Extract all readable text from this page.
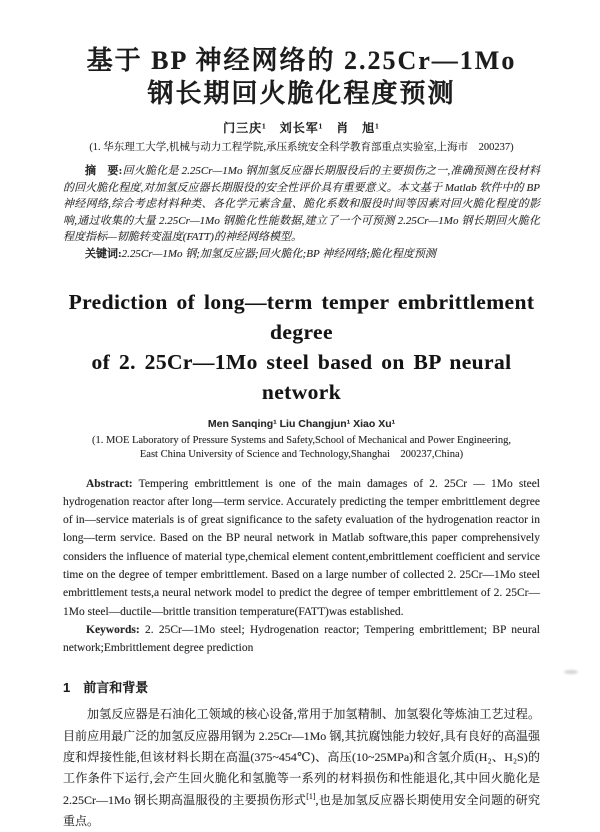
基于 BP 神经网络的 2.25Cr—1Mo
钢长期回火脆化程度预测

门三庆¹　刘长军¹　肖　旭¹

(1. 华东理工大学,机械与动力工程学院,承压系统安全科学教育部重点实验室,上海市　200237)

摘　要:回火脆化是 2.25Cr—1Mo 钢加氢反应器长期服役后的主要损伤之一,准确预测在役材料的回火脆化程度,对加氢反应器长期服役的安全性评价具有重要意义。本文基于 Matlab 软件中的 BP 神经网络,综合考虑材料种类、各化学元素含量、脆化系数和服役时间等因素对回火脆化程度的影响,通过收集的大量 2.25Cr—1Mo 钢脆化性能数据,建立了一个可预测 2.25Cr—1Mo 钢长期回火脆化程度指标—韧脆转变温度(FATT)的神经网络模型。

关键词:2.25Cr—1Mo 钢;加氢反应器;回火脆化;BP 神经网络;脆化程度预测

Prediction of long—term temper embrittlement degree
of 2. 25Cr—1Mo steel based on BP neural network

Men Sanqing¹ Liu Changjun¹ Xiao Xu¹

(1. MOE Laboratory of Pressure Systems and Safety,School of Mechanical and Power Engineering,
East China University of Science and Technology,Shanghai　200237,China)

Abstract: Tempering embrittlement is one of the main damages of 2. 25Cr — 1Mo steel hydrogenation reactor after long—term service. Accurately predicting the temper embrittlement degree of in—service materials is of great significance to the safety evaluation of the hydrogenation reactor in long—term service. Based on the BP neural network in Matlab software,this paper comprehensively considers the influence of material type,chemical element content,embrittlement coefficient and service time on the degree of temper embrittlement. Based on a large number of collected 2. 25Cr—1Mo steel embrittlement tests,a neural network model to predict the degree of temper embrittlement of 2. 25Cr—1Mo steel—ductile—brittle transition temperature(FATT)was established.

Keywords: 2. 25Cr—1Mo steel; Hydrogenation reactor; Tempering embrittlement; BP neural network;Embrittlement degree prediction

1　前言和背景

加氢反应器是石油化工领域的核心设备,常用于加氢精制、加氢裂化等炼油工艺过程。目前应用最广泛的加氢反应器用钢为 2.25Cr—1Mo 钢,其抗腐蚀能力较好,具有良好的高温强度和焊接性能,但该材料长期在高温(375~454℃)、高压(10~25MPa)和含氢介质(H₂、H₂S)的工作条件下运行,会产生回火脆化和氢脆等一系列的材料损伤和性能退化,其中回火脆化是 2.25Cr—1Mo 钢长期高温服役的主要损伤形式[1],也是加氢反应器长期使用安全问题的研究重点。
